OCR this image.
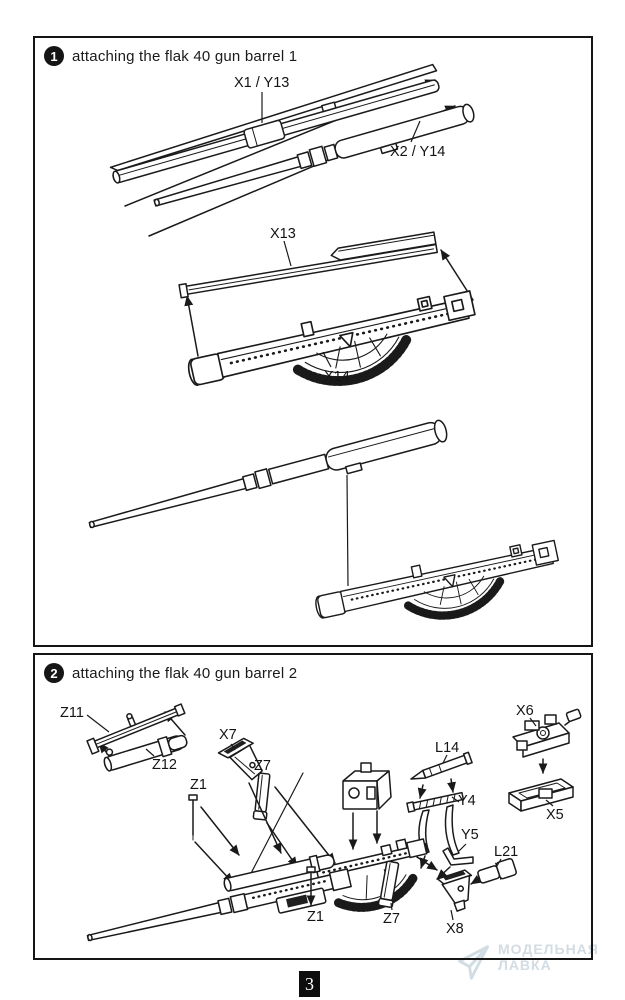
1 attaching the flak 40 gun barrel 1
X1 / Y13
X2 / Y14
X13
X14
2 attaching the flak 40 gun barrel 2
Z11
Z12
X7
Z7
Z1
L14
Y4
Y5
X6
X5
L21
X8
Z1	Z7
3
МОДЕЛЬНАЯ
ЛАВКА
